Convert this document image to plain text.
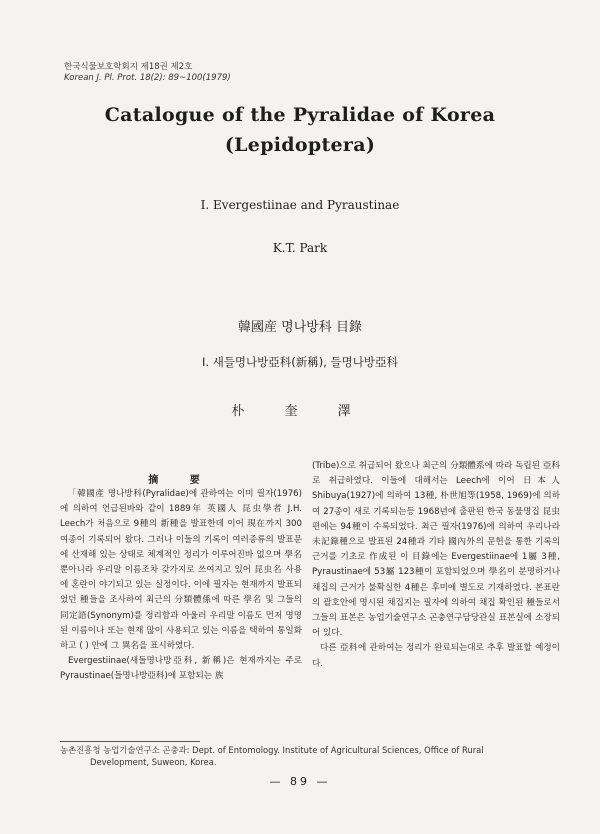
한국식물보호학회지 제18권 제2호
Korean J. Pl. Prot. 18(2): 89~100(1979)
Catalogue of the Pyralidae of Korea
(Lepidoptera)
I. Evergestiinae and Pyraustinae
K.T. Park
韓國産 명나방科 目錄
I. 새들명나방亞科(新稱), 들명나방亞科
朴 奎 澤
摘 要

「韓國產 명나방科(Pyralidae)에 관하여는 이미 필자(1976)에 의하여 언급된바와 같이 1889年 英國人 昆虫學者 J.H. Leech가 처음으로 9種의 新種을 발표한데 이어 現在까지 300여종이 기록되어 왔다. 그러나 이들의 기록이 여러종류의 발표문에 산재해 있는 상태로 체계적인 정리가 이루어진바 없으며 學名뿐아니라 우리말 이름조차 갖가지로 쓰여지고 있어 昆虫名 사용에 혼란이 야기되고 있는 실정이다. 이에 필자는 현재까지 발표되었던 種들을 조사하여 최근의 分類體係에 따른 學名 및 그들의 同定語(Synonym)를 정리함과 아울러 우리말 이름도 먼저 명명된 이름이나 또는 현재 많이 사용되고 있는 이름을 택하여 통일화하고 ( ) 안에 그 異名을 표시하였다.

Evergestiinae(새들명나방亞科, 新稱)은 현재까지는 주로 Pyraustinae(들명나방亞科)에 포함되는 族

(Tribe)으로 취급되어 왔으나 최근의 分類體系에 따라 독립된 亞科로 취급하였다. 이들에 대해서는 Leech에 이어 日本人 Shibuya(1927)에 의하여 13種, 朴世旭等(1958, 1969)에 의하여 27종이 새로 기록되는등 1968년에 출판된 한국 동물명집 昆虫편에는 94種이 수록되었다. 최근 필자(1976)에 의하여 우리나라 未記錄種으로 발표된 24種과 기타 國內外의 문헌을 통한 기록의 근거를 기초로 作成된 이 目錄에는 Evergestiinae에 1屬 3種, Pyraustinae에 53屬 123種이 포함되었으며 學名이 분명하거나 채집의 근거가 불확실한 4種은 후미에 별도로 기재하였다. 본표란의 괄호안에 명시된 채집지는 필자에 의하여 채집 확인된 種들로서 그들의 표본은 농업기술연구소 곤충연구담당관실 표본실에 소장되어 있다.

다른 亞科에 관하여는 정리가 완료되는대로 추후 발표할 예정이다.

농촌진흥청 농업기술연구소 곤충과: Dept. of Entomology. Institute of Agricultural Sciences, Office of Rural
Development, Suweon, Korea.
— 89 —
